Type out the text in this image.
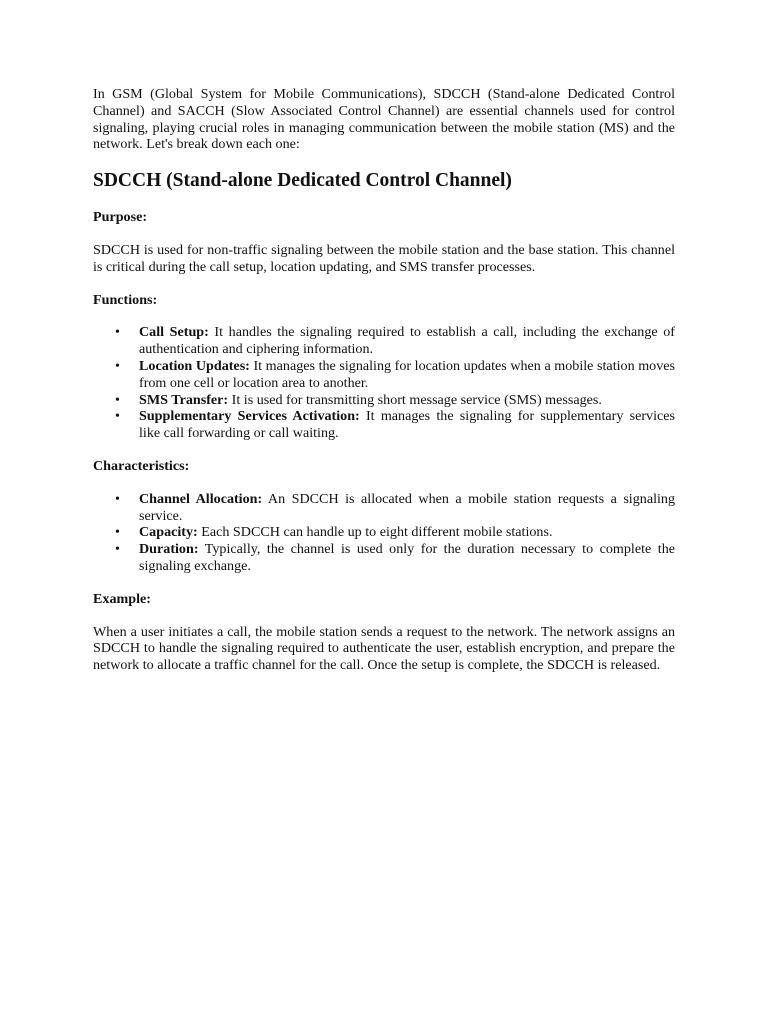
In GSM (Global System for Mobile Communications), SDCCH (Stand-alone Dedicated Control Channel) and SACCH (Slow Associated Control Channel) are essential channels used for control signaling, playing crucial roles in managing communication between the mobile station (MS) and the network. Let's break down each one:

SDCCH (Stand-alone Dedicated Control Channel)
Purpose:

SDCCH is used for non-traffic signaling between the mobile station and the base station. This channel is critical during the call setup, location updating, and SMS transfer processes.

Functions:
• Call Setup: It handles the signaling required to establish a call, including the exchange of authentication and ciphering information.
• Location Updates: It manages the signaling for location updates when a mobile station moves from one cell or location area to another.
• SMS Transfer: It is used for transmitting short message service (SMS) messages.
• Supplementary Services Activation: It manages the signaling for supplementary services like call forwarding or call waiting.
Characteristics:
• Channel Allocation: An SDCCH is allocated when a mobile station requests a signaling service.
• Capacity: Each SDCCH can handle up to eight different mobile stations.
• Duration: Typically, the channel is used only for the duration necessary to complete the signaling exchange.
Example:

When a user initiates a call, the mobile station sends a request to the network. The network assigns an SDCCH to handle the signaling required to authenticate the user, establish encryption, and prepare the network to allocate a traffic channel for the call. Once the setup is complete, the SDCCH is released.
